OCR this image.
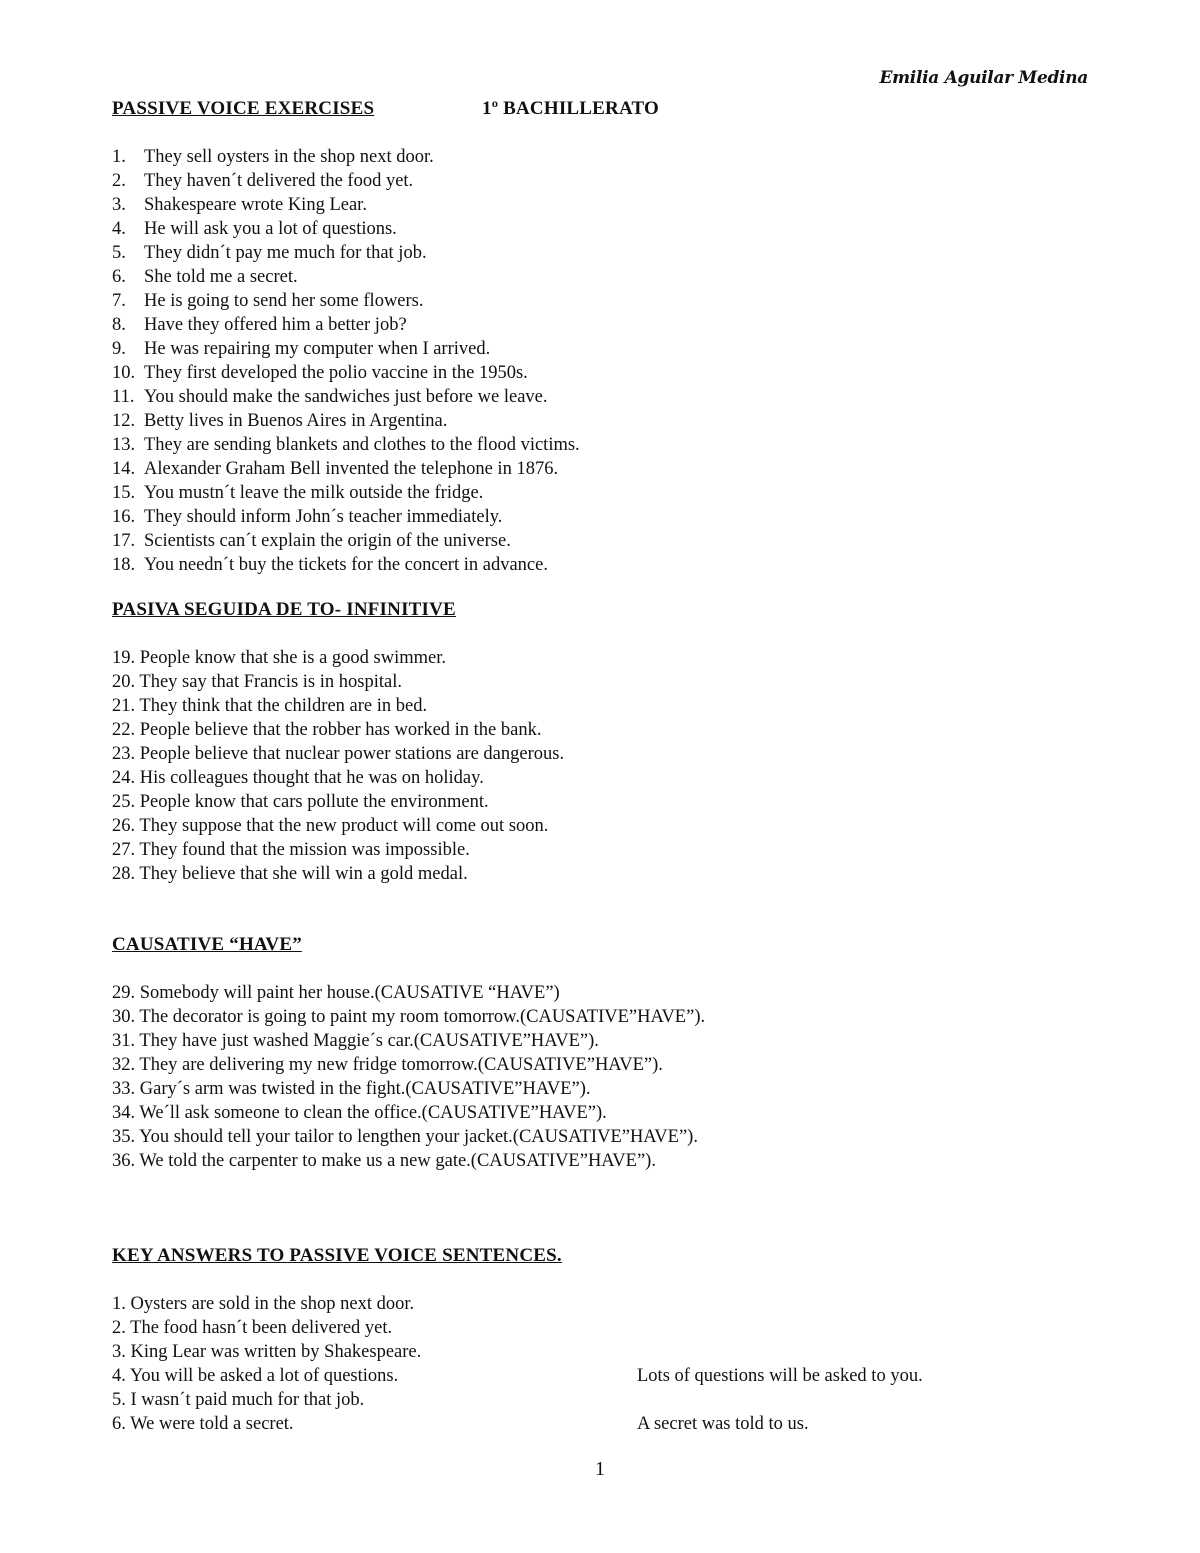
Emilia Aguilar Medina
PASSIVE VOICE EXERCISES	1º BACHILLERATO
1. They sell oysters in the shop next door.
2. They haven´t delivered the food yet.
3. Shakespeare wrote King Lear.
4. He will ask you a lot of questions.
5. They didn´t pay me much for that job.
6. She told me a secret.
7. He is going to send her some flowers.
8. Have they offered him a better job?
9. He was repairing my computer when I arrived.
10. They first developed the polio vaccine in the 1950s.
11. You should make the sandwiches just before we leave.
12. Betty lives in Buenos Aires in Argentina.
13. They are sending blankets and clothes to the flood victims.
14. Alexander Graham Bell invented the telephone in 1876.
15. You mustn´t leave the milk outside the fridge.
16. They should inform John´s teacher immediately.
17. Scientists can´t explain the origin of the universe.
18. You needn´t buy the tickets for the concert in advance.
PASIVA SEGUIDA DE TO- INFINITIVE
19. People know that she is a good swimmer.
20. They say that Francis is in hospital.
21. They think that the children are in bed.
22. People believe that the robber has worked in the bank.
23. People believe that nuclear power stations are dangerous.
24. His colleagues thought that he was on holiday.
25. People know that cars pollute the environment.
26. They suppose that the new product will come out soon.
27. They found that the mission was impossible.
28. They believe that she will win a gold medal.
CAUSATIVE “HAVE”
29. Somebody will paint her house.(CAUSATIVE “HAVE”)
30. The decorator is going to paint my room tomorrow.(CAUSATIVE”HAVE”).
31. They have just washed Maggie´s car.(CAUSATIVE”HAVE”).
32. They are delivering my new fridge tomorrow.(CAUSATIVE”HAVE”).
33. Gary´s arm was twisted in the fight.(CAUSATIVE”HAVE”).
34. We´ll ask someone to clean the office.(CAUSATIVE”HAVE”).
35. You should tell your tailor to lengthen your jacket.(CAUSATIVE”HAVE”).
36. We told the carpenter to make us a new gate.(CAUSATIVE”HAVE”).
KEY ANSWERS TO PASSIVE VOICE SENTENCES.
1. Oysters are sold in the shop next door.
2. The food hasn´t been delivered yet.
3. King Lear was written by Shakespeare.
4. You will be asked a lot of questions.	Lots of questions will be asked to you.
5. I wasn´t paid much for that job.
6. We were told a secret.	A secret was told to us.
1
